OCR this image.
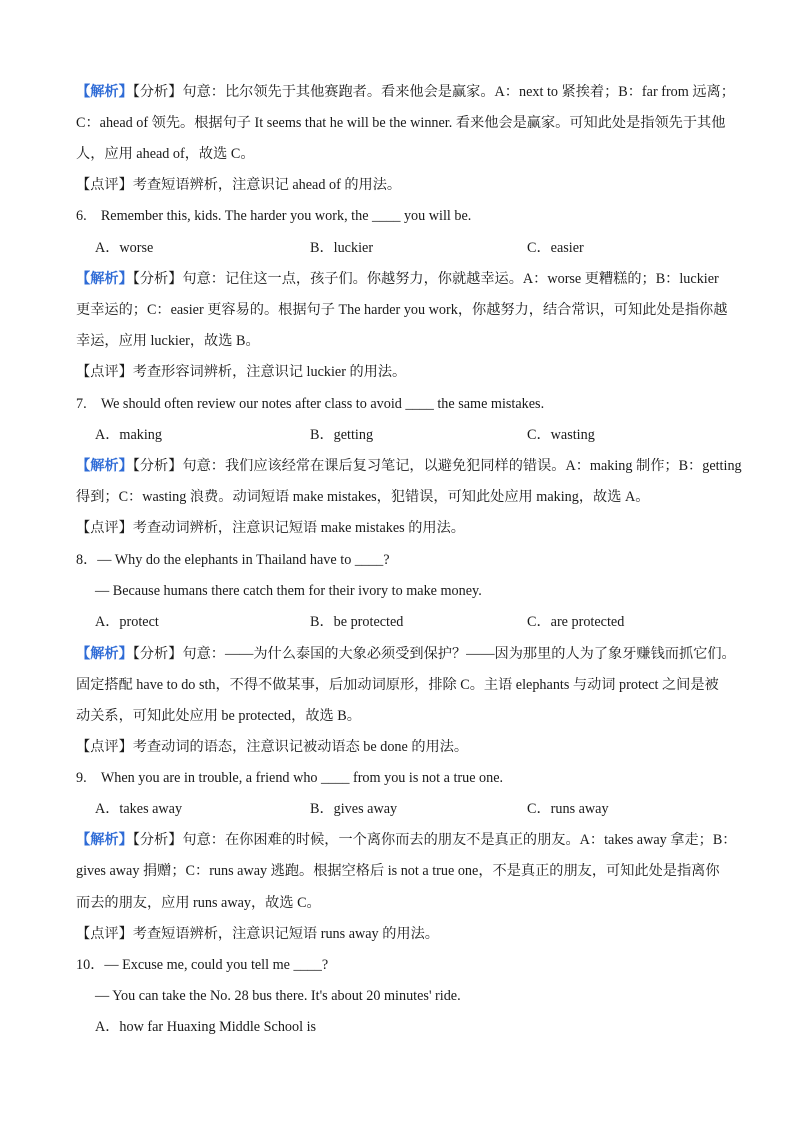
【解析】【分析】句意：比尔领先于其他赛跑者。看来他会是赢家。A：next to 紧挨着；B：far from 远离；
C：ahead of 领先。根据句子 It seems that he will be the winner. 看来他会是赢家。可知此处是指领先于其他
人，应用 ahead of，故选 C。
【点评】考查短语辨析，注意识记 ahead of 的用法。
6.　Remember this, kids. The harder you work, the ____ you will be.
A．worse	B．luckier	C．easier
【解析】【分析】句意：记住这一点，孩子们。你越努力，你就越幸运。A：worse 更糟糕的；B：luckier
更幸运的；C：easier 更容易的。根据句子 The harder you work，你越努力，结合常识，可知此处是指你越
幸运，应用 luckier，故选 B。
【点评】考查形容词辨析，注意识记 luckier 的用法。
7.　We should often review our notes after class to avoid ____ the same mistakes.
A．making	B．getting	C．wasting
【解析】【分析】句意：我们应该经常在课后复习笔记，以避免犯同样的错误。A：making 制作；B：getting
得到；C：wasting 浪费。动词短语 make mistakes，犯错误，可知此处应用 making，故选 A。
【点评】考查动词辨析，注意识记短语 make mistakes 的用法。
8．— Why do the elephants in Thailand have to ____?
— Because humans there catch them for their ivory to make money.
A．protect	B．be protected	C．are protected
【解析】【分析】句意：——为什么泰国的大象必须受到保护？——因为那里的人为了象牙赚钱而抓它们。
固定搭配 have to do sth，不得不做某事，后加动词原形，排除 C。主语 elephants 与动词 protect 之间是被
动关系，可知此处应用 be protected，故选 B。
【点评】考查动词的语态，注意识记被动语态 be done 的用法。
9.　When you are in trouble, a friend who ____ from you is not a true one.
A．takes away	B．gives away	C．runs away
【解析】【分析】句意：在你困难的时候，一个离你而去的朋友不是真正的朋友。A：takes away 拿走；B：
gives away 捐赠；C：runs away 逃跑。根据空格后 is not a true one，不是真正的朋友，可知此处是指离你
而去的朋友，应用 runs away，故选 C。
【点评】考查短语辨析，注意识记短语 runs away 的用法。
10．— Excuse me, could you tell me ____?
— You can take the No. 28 bus there. It's about 20 minutes' ride.
A．how far Huaxing Middle School is
